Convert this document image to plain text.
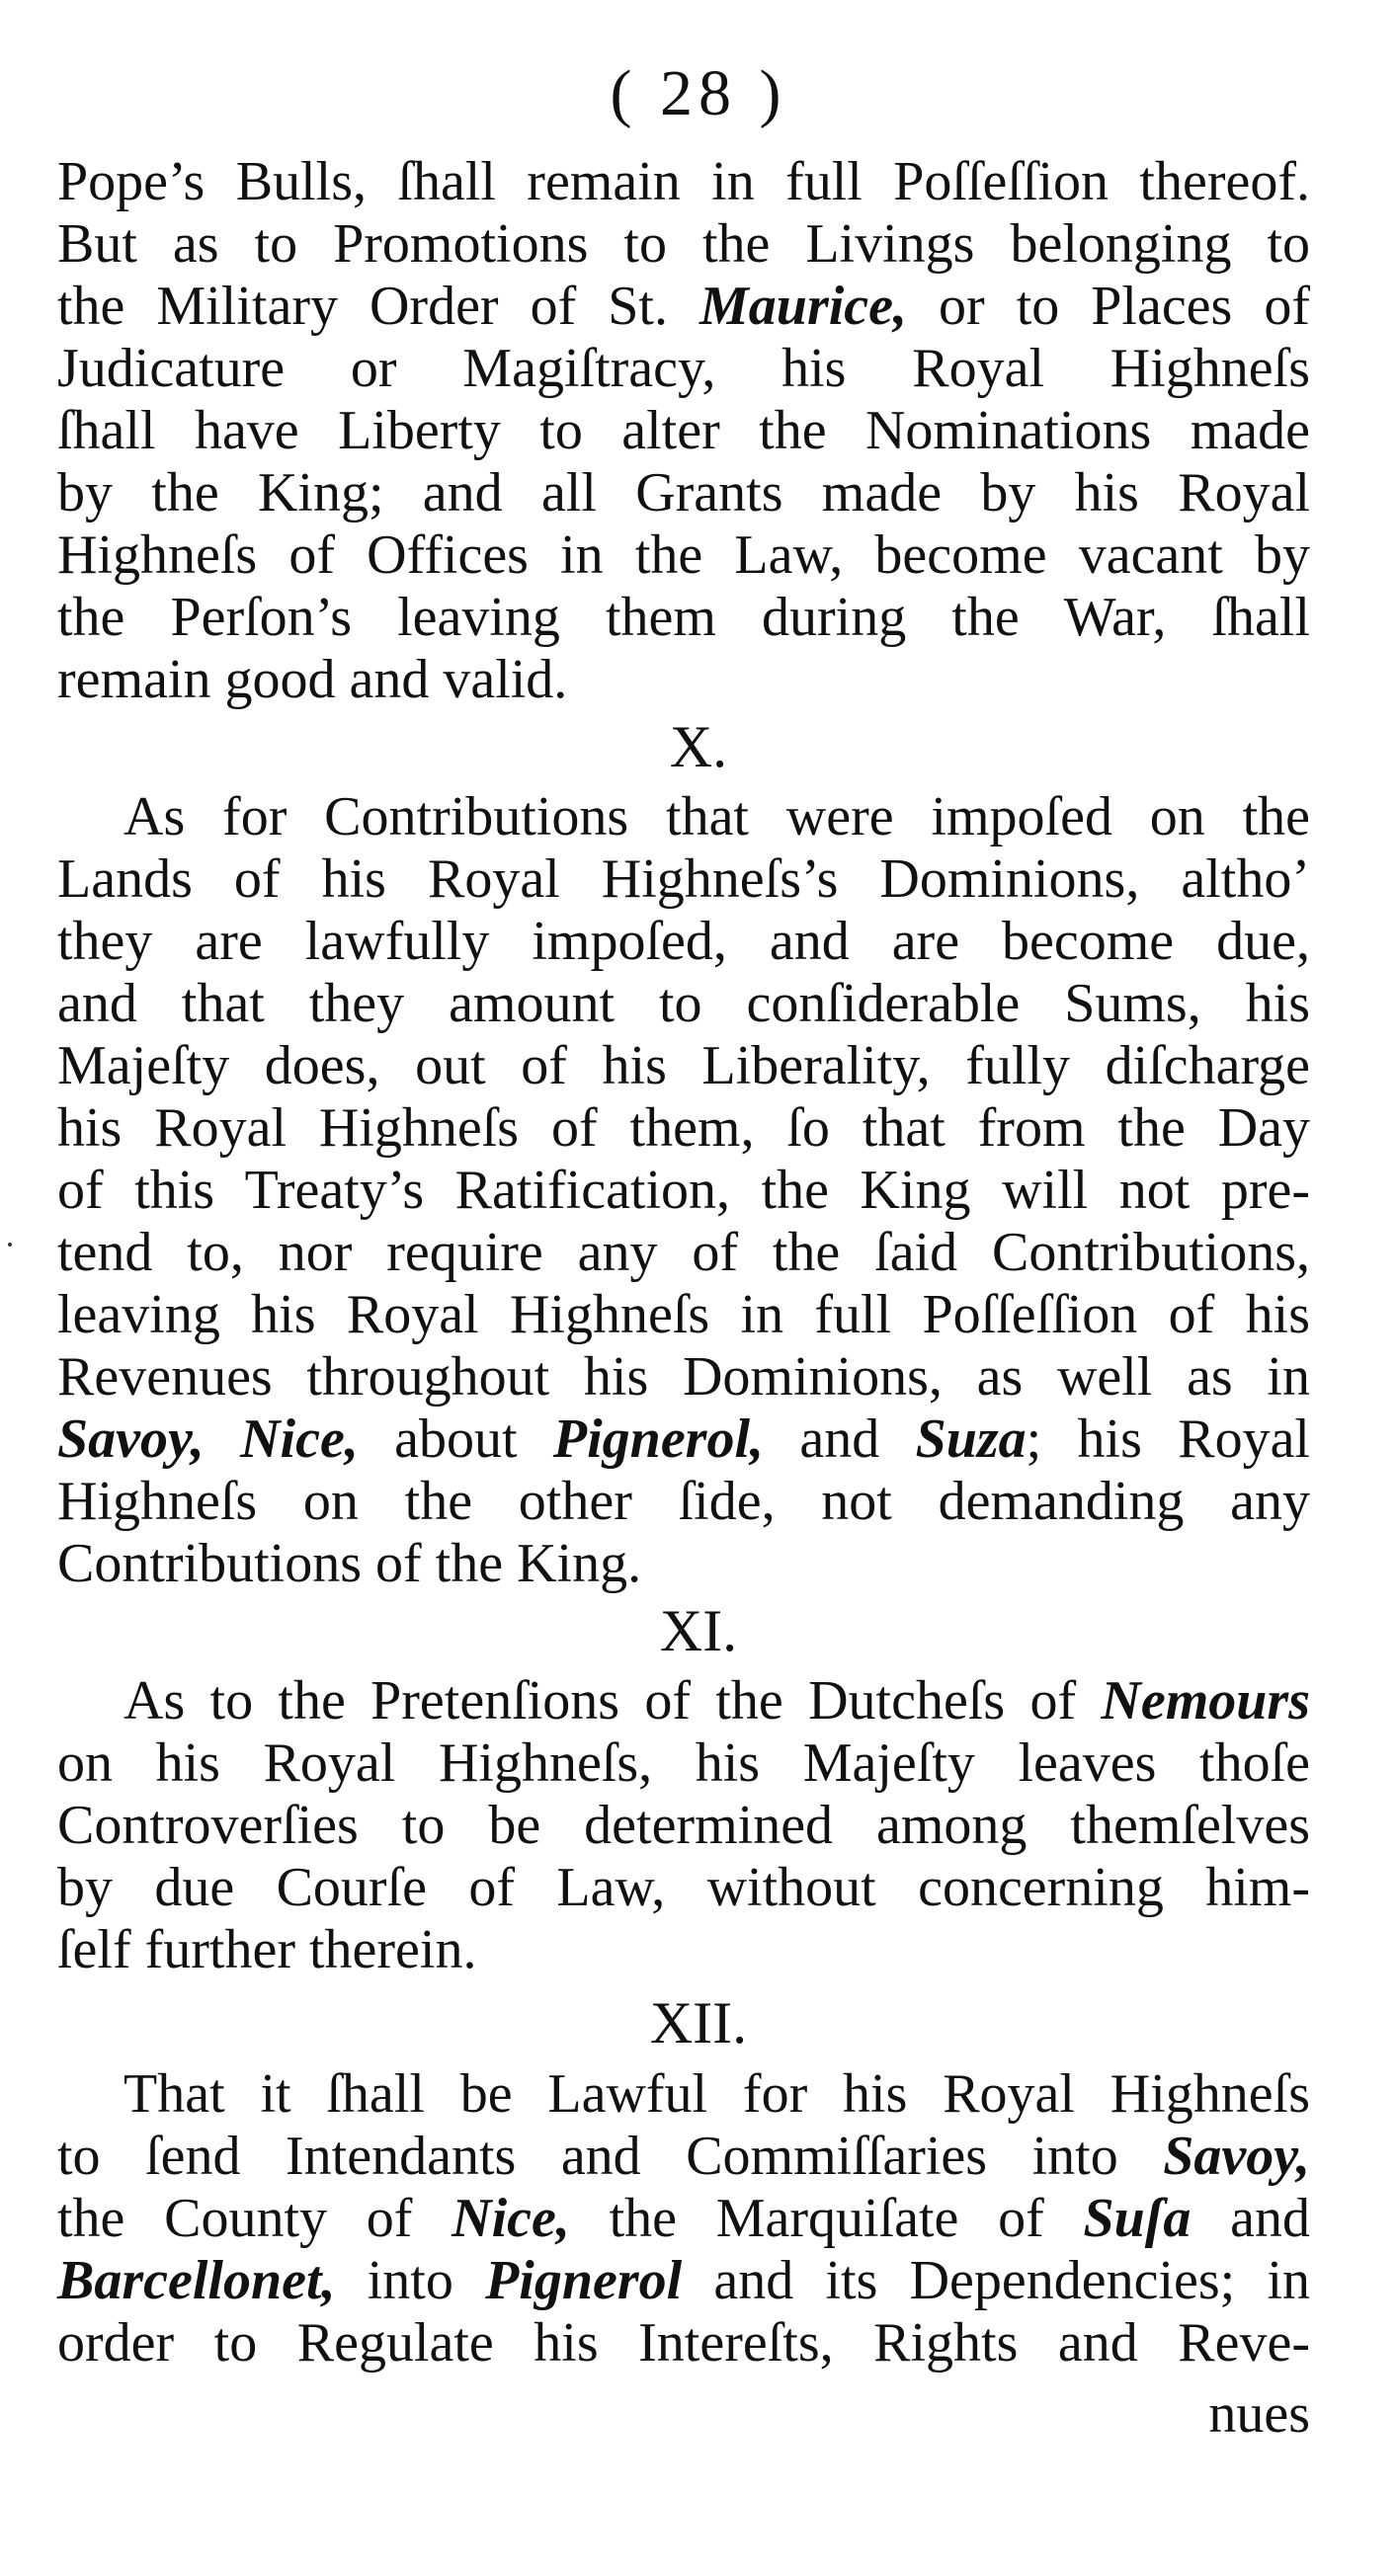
( 28 )
Pope’s Bulls, ſhall remain in full Poſſeſſion thereof.
But as to Promotions to the Livings belonging to
the Military Order of St. Maurice, or to Places of
Judicature or Magiſtracy, his Royal Highneſs
ſhall have Liberty to alter the Nominations made
by the King; and all Grants made by his Royal
Highneſs of Offices in the Law, become vacant by
the Perſon’s leaving them during the War, ſhall
remain good and valid.
X.
As for Contributions that were impoſed on the
Lands of his Royal Highneſs’s Dominions, altho’
they are lawfully impoſed, and are become due,
and that they amount to conſiderable Sums, his
Majeſty does, out of his Liberality, fully diſcharge
his Royal Highneſs of them, ſo that from the Day
of this Treaty’s Ratification, the King will not pre-
tend to, nor require any of the ſaid Contributions,
leaving his Royal Highneſs in full Poſſeſſion of his
Revenues throughout his Dominions, as well as in
Savoy, Nice, about Pignerol, and Suza; his Royal
Highneſs on the other ſide, not demanding any
Contributions of the King.
XI.
As to the Pretenſions of the Dutcheſs of Nemours
on his Royal Highneſs, his Majeſty leaves thoſe
Controverſies to be determined among themſelves
by due Courſe of Law, without concerning him-
ſelf further therein.
XII.
That it ſhall be Lawful for his Royal Highneſs
to ſend Intendants and Commiſſaries into Savoy,
the County of Nice, the Marquiſate of Suſa and
Barcellonet, into Pignerol and its Dependencies; in
order to Regulate his Intereſts, Rights and Reve-
nues
